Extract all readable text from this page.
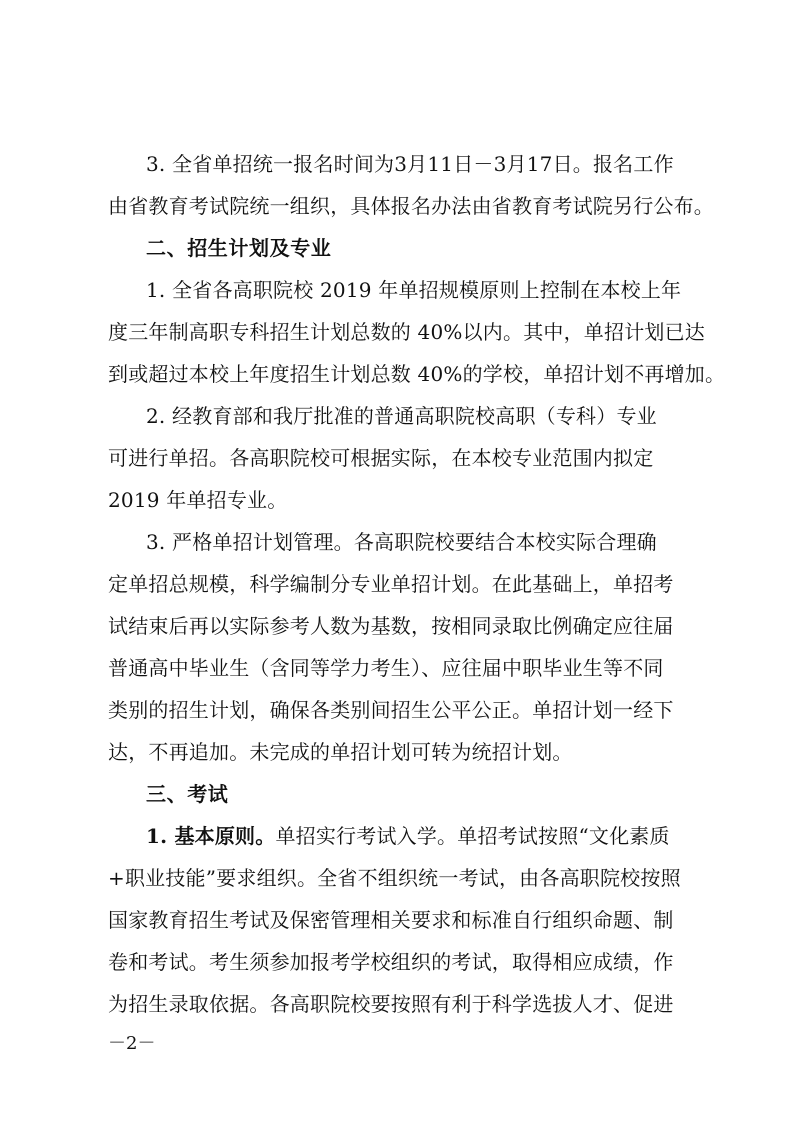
3. 全省单招统一报名时间为3月11日－3月17日。报名工作
由省教育考试院统一组织，具体报名办法由省教育考试院另行公布。
二、招生计划及专业
1. 全省各高职院校 2019 年单招规模原则上控制在本校上年
度三年制高职专科招生计划总数的 40%以内。其中，单招计划已达
到或超过本校上年度招生计划总数 40%的学校，单招计划不再增加。
2. 经教育部和我厅批准的普通高职院校高职（专科）专业
可进行单招。各高职院校可根据实际，在本校专业范围内拟定
2019 年单招专业。
3. 严格单招计划管理。各高职院校要结合本校实际合理确
定单招总规模，科学编制分专业单招计划。在此基础上，单招考
试结束后再以实际参考人数为基数，按相同录取比例确定应往届
普通高中毕业生（含同等学力考生）、应往届中职毕业生等不同
类别的招生计划，确保各类别间招生公平公正。单招计划一经下
达，不再追加。未完成的单招计划可转为统招计划。
三、考试
1. 基本原则。单招实行考试入学。单招考试按照“文化素质
+职业技能”要求组织。全省不组织统一考试，由各高职院校按照
国家教育招生考试及保密管理相关要求和标准自行组织命题、制
卷和考试。考生须参加报考学校组织的考试，取得相应成绩，作
为招生录取依据。各高职院校要按照有利于科学选拔人才、促进
－2－
